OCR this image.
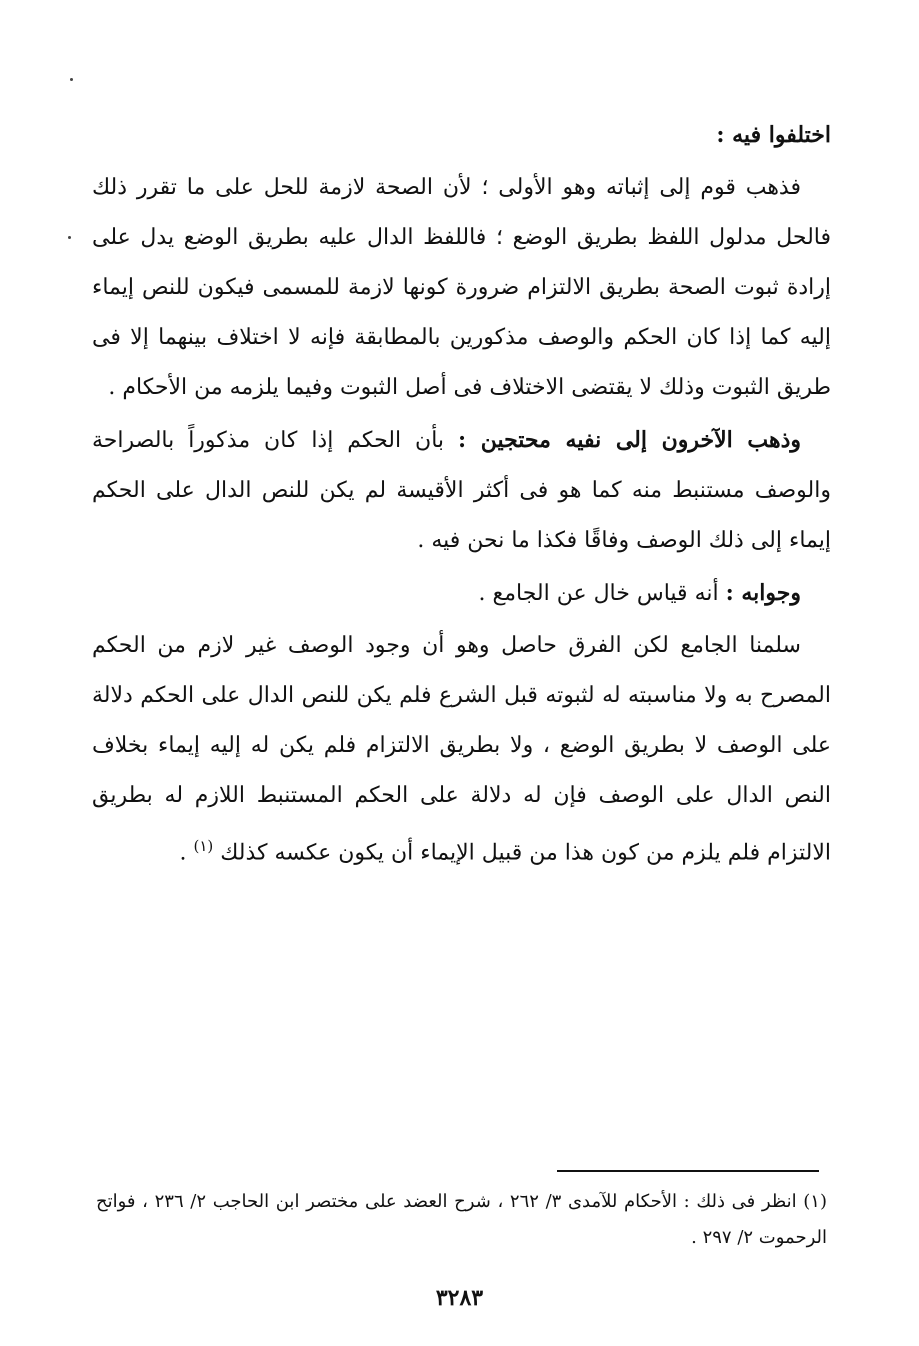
اختلفوا فيه :

فذهب قوم إلى إثباته وهو الأولى ؛ لأن الصحة لازمة للحل على ما تقرر ذلك فالحل مدلول اللفظ بطريق الوضع ؛ فاللفظ الدال عليه بطريق الوضع يدل على إرادة ثبوت الصحة بطريق الالتزام ضرورة كونها لازمة للمسمى فيكون للنص إيماء إليه كما إذا كان الحكم والوصف مذكورين بالمطابقة فإنه لا اختلاف بينهما إلا فى طريق الثبوت وذلك لا يقتضى الاختلاف فى أصل الثبوت وفيما يلزمه من الأحكام .

وذهب الآخرون إلى نفيه محتجين : بأن الحكم إذا كان مذكوراً بالصراحة والوصف مستنبط منه كما هو فى أكثر الأقيسة لم يكن للنص الدال على الحكم إيماء إلى ذلك الوصف وفاقًا فكذا ما نحن فيه .

وجوابه : أنه قياس خال عن الجامع .

سلمنا الجامع لكن الفرق حاصل وهو أن وجود الوصف غير لازم من الحكم المصرح به ولا مناسبته له لثبوته قبل الشرع فلم يكن للنص الدال على الحكم دلالة على الوصف لا بطريق الوضع ، ولا بطريق الالتزام فلم يكن له إليه إيماء بخلاف النص الدال على الوصف فإن له دلالة على الحكم المستنبط اللازم له بطريق الالتزام فلم يلزم من كون هذا من قبيل الإيماء أن يكون عكسه كذلك $^{(١)}$ .

(١) انظر فى ذلك : الأحكام للآمدى ٣/ ٢٦٢ ، شرح العضد على مختصر ابن الحاجب ٢/ ٢٣٦ ، فواتح الرحموت ٢/ ٢٩٧ .
٣٢٨٣
